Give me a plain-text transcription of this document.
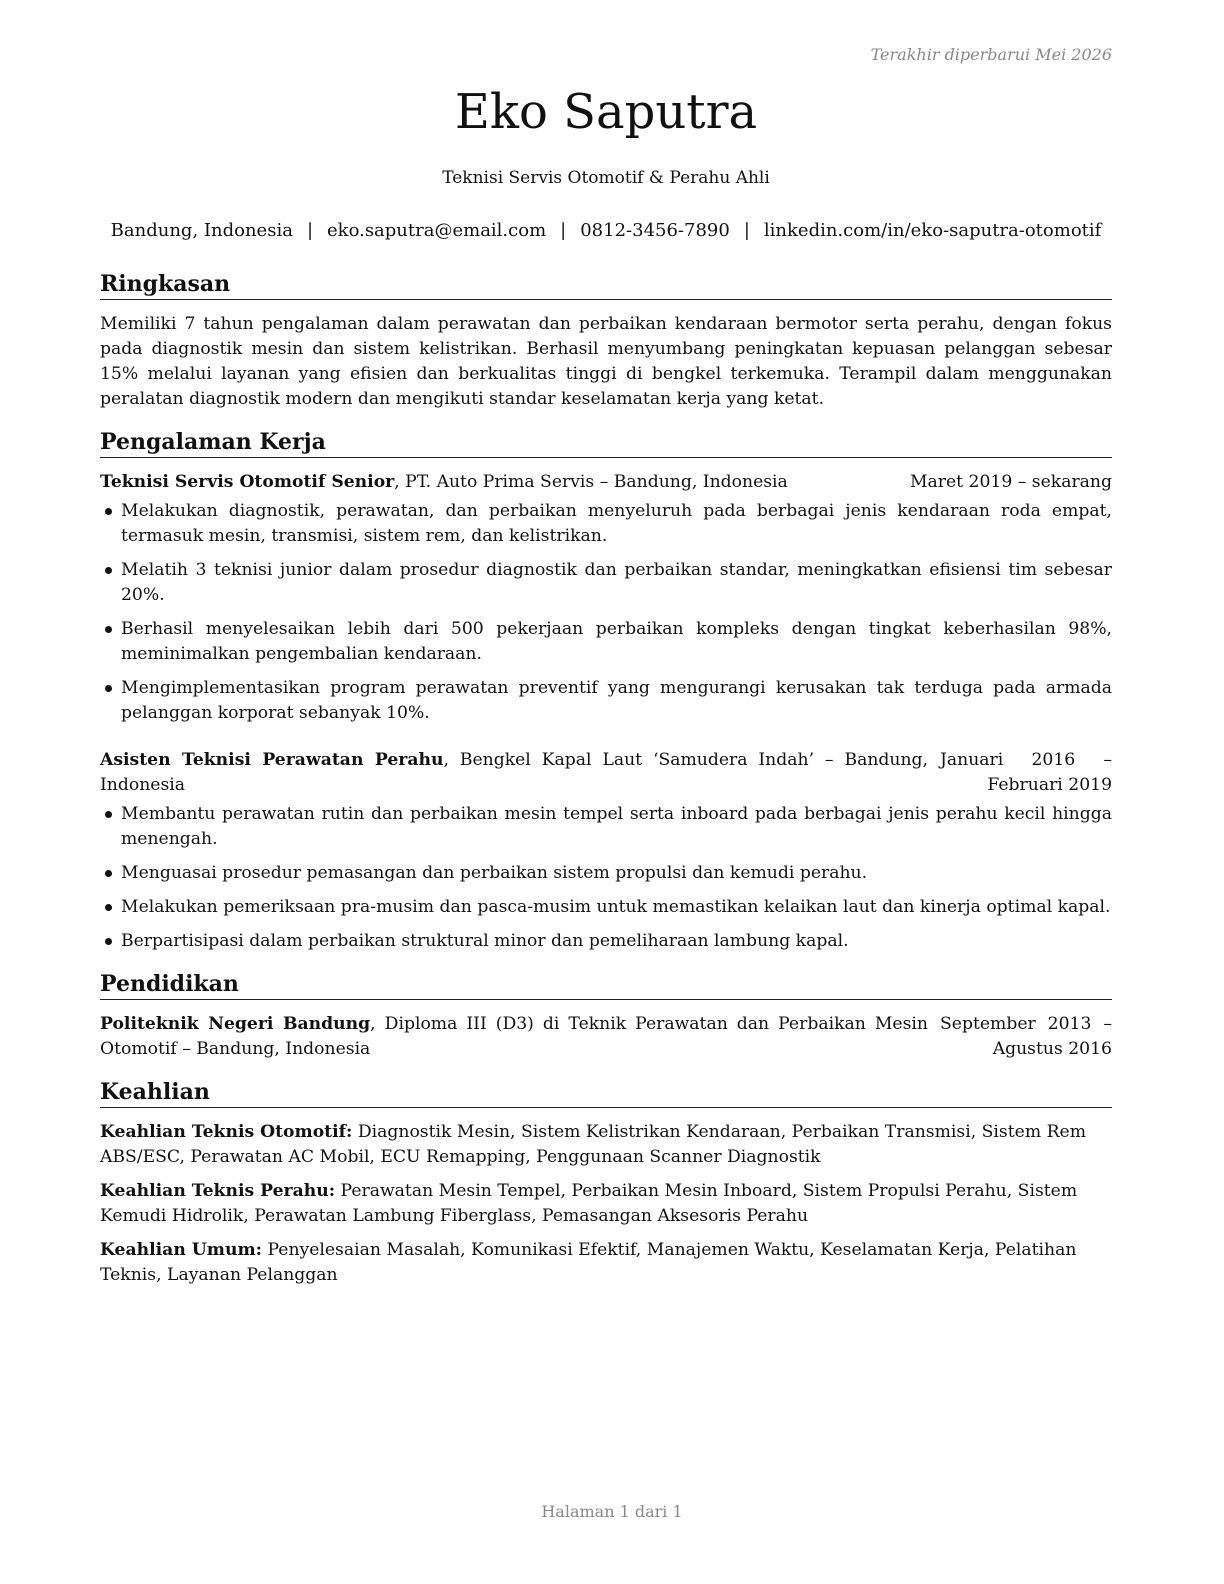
Terakhir diperbarui Mei 2026
Eko Saputra
Teknisi Servis Otomotif & Perahu Ahli
Bandung, Indonesia | eko.saputra@email.com | 0812-3456-7890 | linkedin.com/in/eko-saputra-otomotif
Ringkasan

Memiliki 7 tahun pengalaman dalam perawatan dan perbaikan kendaraan bermotor serta perahu, dengan fokus pada diagnostik mesin dan sistem kelistrikan. Berhasil menyumbang peningkatan kepuasan pelanggan sebesar 15% melalui layanan yang efisien dan berkualitas tinggi di bengkel terkemuka. Terampil dalam menggunakan peralatan diagnostik modern dan mengikuti standar keselamatan kerja yang ketat.

Pengalaman Kerja
Teknisi Servis Otomotif Senior, PT. Auto Prima Servis – Bandung, Indonesia	Maret 2019 – sekarang
Melakukan diagnostik, perawatan, dan perbaikan menyeluruh pada berbagai jenis kendaraan roda empat, termasuk mesin, transmisi, sistem rem, dan kelistrikan.
Melatih 3 teknisi junior dalam prosedur diagnostik dan perbaikan standar, meningkatkan efisiensi tim sebesar 20%.
Berhasil menyelesaikan lebih dari 500 pekerjaan perbaikan kompleks dengan tingkat keberhasilan 98%, meminimalkan pengembalian kendaraan.
Mengimplementasikan program perawatan preventif yang mengurangi kerusakan tak terduga pada armada pelanggan korporat sebanyak 10%.
Asisten Teknisi Perawatan Perahu, Bengkel Kapal Laut ‘Samudera Indah’ – Bandung, Indonesia
Januari 2016 – Februari 2019
Membantu perawatan rutin dan perbaikan mesin tempel serta inboard pada berbagai jenis perahu kecil hingga menengah.
Menguasai prosedur pemasangan dan perbaikan sistem propulsi dan kemudi perahu.
Melakukan pemeriksaan pra-musim dan pasca-musim untuk memastikan kelaikan laut dan kinerja optimal kapal.
Berpartisipasi dalam perbaikan struktural minor dan pemeliharaan lambung kapal.
Pendidikan
Politeknik Negeri Bandung, Diploma III (D3) di Teknik Perawatan dan Perbaikan Mesin Otomotif – Bandung, Indonesia
September 2013 – Agustus 2016
Keahlian
Keahlian Teknis Otomotif: Diagnostik Mesin, Sistem Kelistrikan Kendaraan, Perbaikan Transmisi, Sistem Rem ABS/ESC, Perawatan AC Mobil, ECU Remapping, Penggunaan Scanner Diagnostik
Keahlian Teknis Perahu: Perawatan Mesin Tempel, Perbaikan Mesin Inboard, Sistem Propulsi Perahu, Sistem Kemudi Hidrolik, Perawatan Lambung Fiberglass, Pemasangan Aksesoris Perahu
Keahlian Umum: Penyelesaian Masalah, Komunikasi Efektif, Manajemen Waktu, Keselamatan Kerja, Pelatihan Teknis, Layanan Pelanggan
Halaman 1 dari 1
